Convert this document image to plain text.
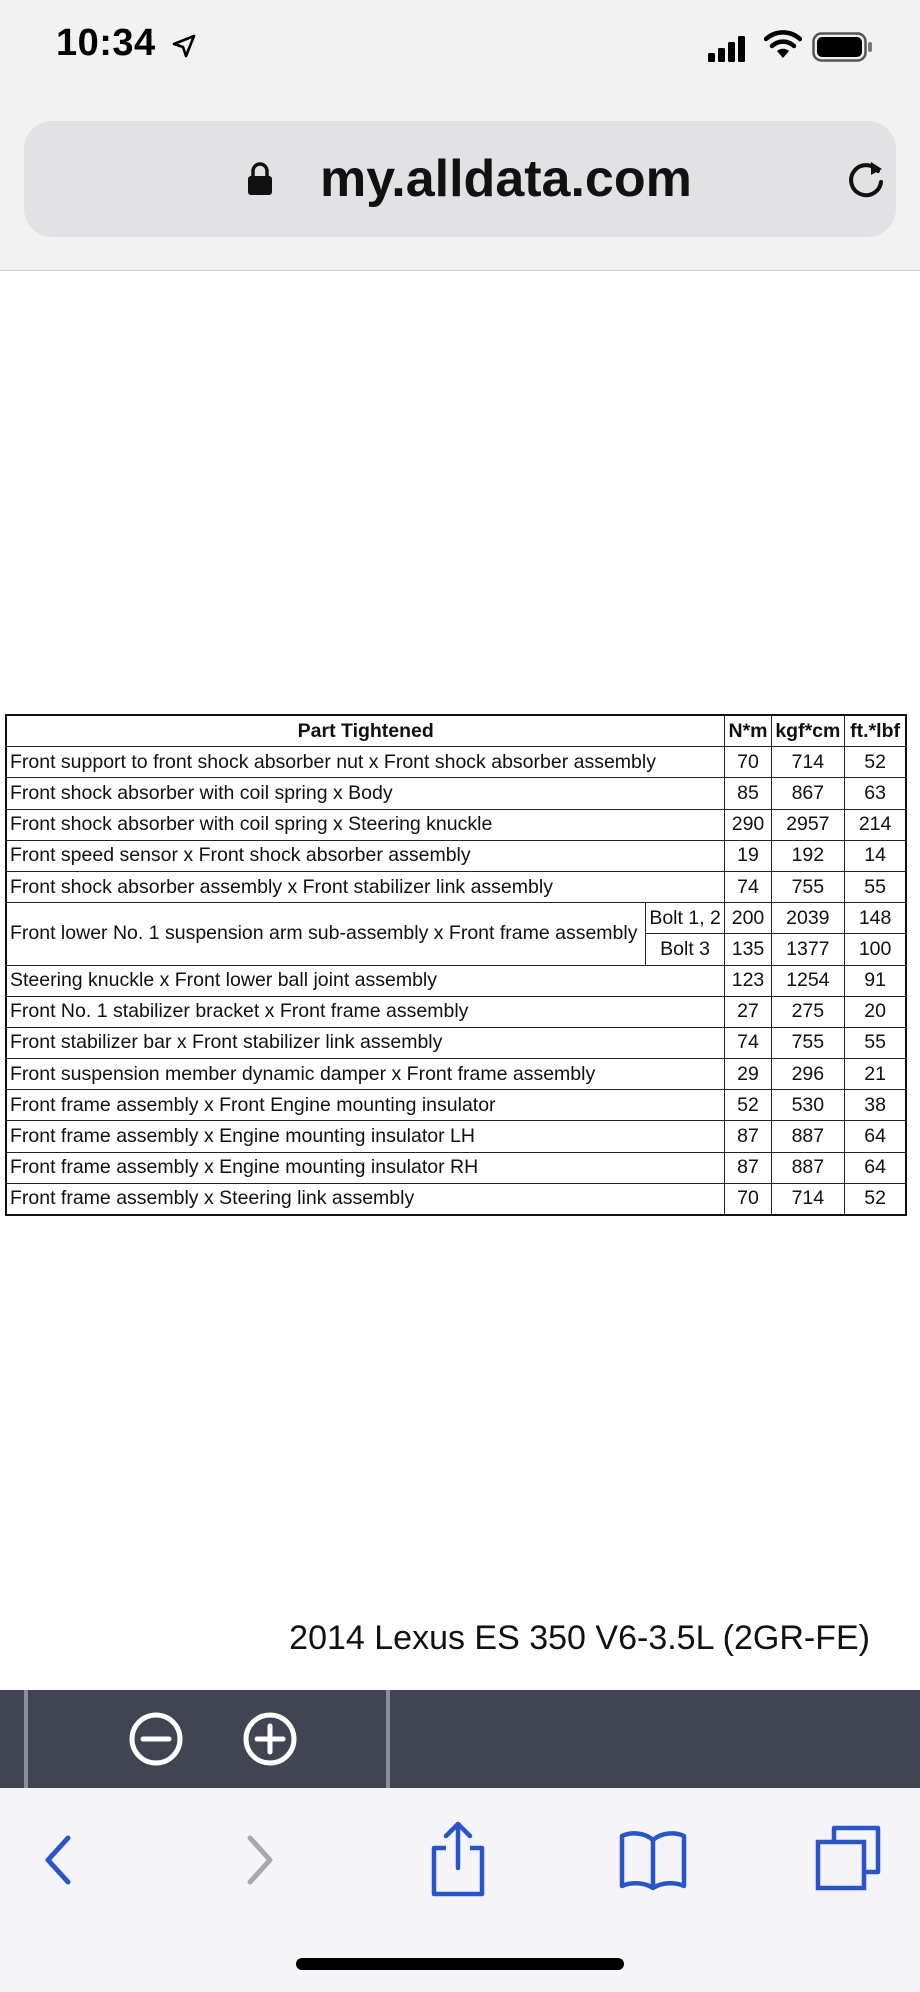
10:34
my.alldata.com
Part Tightened		N*m	kgf*cm	ft.*lbf
Front support to front shock absorber nut x Front shock absorber assembly		70	714	52
Front shock absorber with coil spring x Body		85	867	63
Front shock absorber with coil spring x Steering knuckle		290	2957	214
Front speed sensor x Front shock absorber assembly		19	192	14
Front shock absorber assembly x Front stabilizer link assembly		74	755	55
Front lower No. 1 suspension arm sub-assembly x Front frame assembly	Bolt 1, 2	200	2039	148
	Bolt 3	135	1377	100
Steering knuckle x Front lower ball joint assembly		123	1254	91
Front No. 1 stabilizer bracket x Front frame assembly		27	275	20
Front stabilizer bar x Front stabilizer link assembly		74	755	55
Front suspension member dynamic damper x Front frame assembly		29	296	21
Front frame assembly x Front Engine mounting insulator		52	530	38
Front frame assembly x Engine mounting insulator LH		87	887	64
Front frame assembly x Engine mounting insulator RH		87	887	64
Front frame assembly x Steering link assembly		70	714	52
2014 Lexus ES 350 V6-3.5L (2GR-FE)
